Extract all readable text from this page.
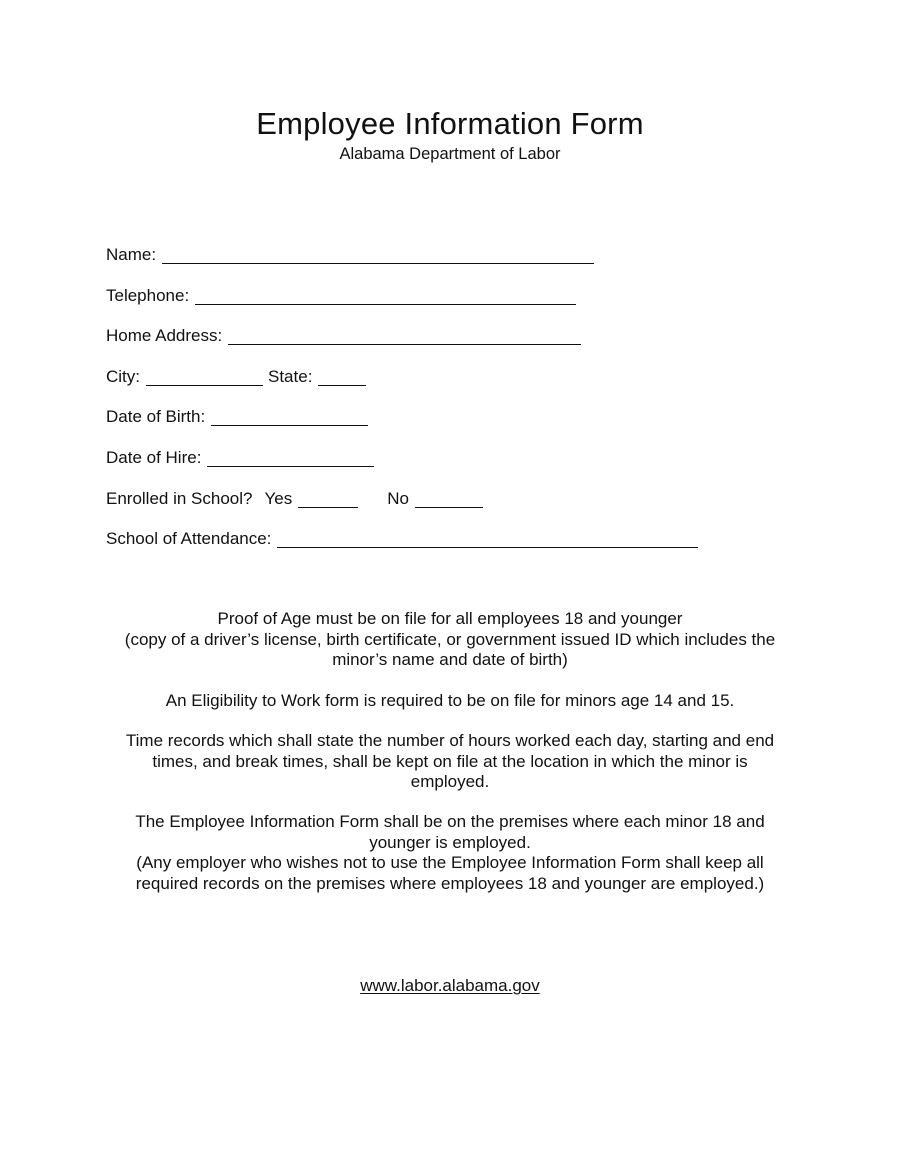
Employee Information Form
Alabama Department of Labor
Name:
Telephone:
Home Address:
City:	State:
Date of Birth:
Date of Hire:
Enrolled in School? Yes	No
School of Attendance:

Proof of Age must be on file for all employees 18 and younger

(copy of a driver’s license, birth certificate, or government issued ID which includes the

minor’s name and date of birth)

An Eligibility to Work form is required to be on file for minors age 14 and 15.

Time records which shall state the number of hours worked each day, starting and end

times, and break times, shall be kept on file at the location in which the minor is

employed.

The Employee Information Form shall be on the premises where each minor 18 and

younger is employed.

(Any employer who wishes not to use the Employee Information Form shall keep all

required records on the premises where employees 18 and younger are employed.)

www.labor.alabama.gov
